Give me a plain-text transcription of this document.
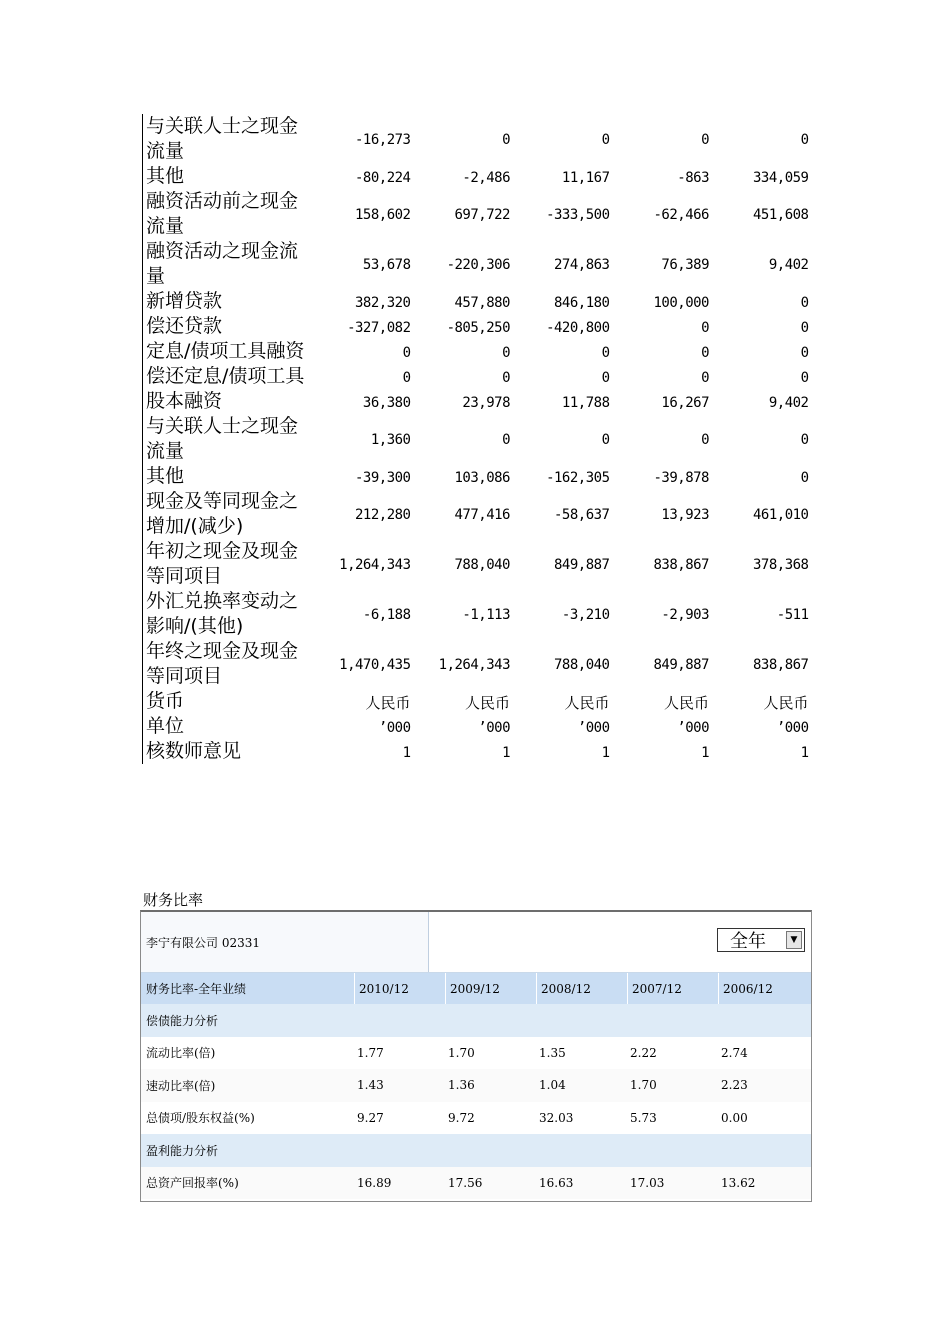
与关联人士之现金
流量	-16,273	0	0	0	0
其他	-80,224	-2,486	11,167	-863	334,059
融资活动前之现金
流量	158,602	697,722	-333,500	-62,466	451,608
融资活动之现金流
量	53,678	-220,306	274,863	76,389	9,402
新增贷款	382,320	457,880	846,180	100,000	0
偿还贷款	-327,082	-805,250	-420,800	0	0
定息/债项工具融资	0	0	0	0	0
偿还定息/债项工具	0	0	0	0	0
股本融资	36,380	23,978	11,788	16,267	9,402
与关联人士之现金
流量	1,360	0	0	0	0
其他	-39,300	103,086	-162,305	-39,878	0
现金及等同现金之
增加/(减少)	212,280	477,416	-58,637	13,923	461,010
年初之现金及现金
等同项目	1,264,343	788,040	849,887	838,867	378,368
外汇兑换率变动之
影响/(其他)	-6,188	-1,113	-3,210	-2,903	-511
年终之现金及现金
等同项目	1,470,435	1,264,343	788,040	849,887	838,867
货币	人民币	人民币	人民币	人民币	人民币
单位	’000	’000	’000	’000	’000
核数师意见	1	1	1	1	1
财务比率
李宁有限公司 02331	全年	▼
财务比率-全年业绩	2010/12	2009/12	2008/12	2007/12	2006/12
偿债能力分析
流动比率(倍)	1.77	1.70	1.35	2.22	2.74
速动比率(倍)	1.43	1.36	1.04	1.70	2.23
总债项/股东权益(%)	9.27	9.72	32.03	5.73	0.00
盈利能力分析
总资产回报率(%)	16.89	17.56	16.63	17.03	13.62
